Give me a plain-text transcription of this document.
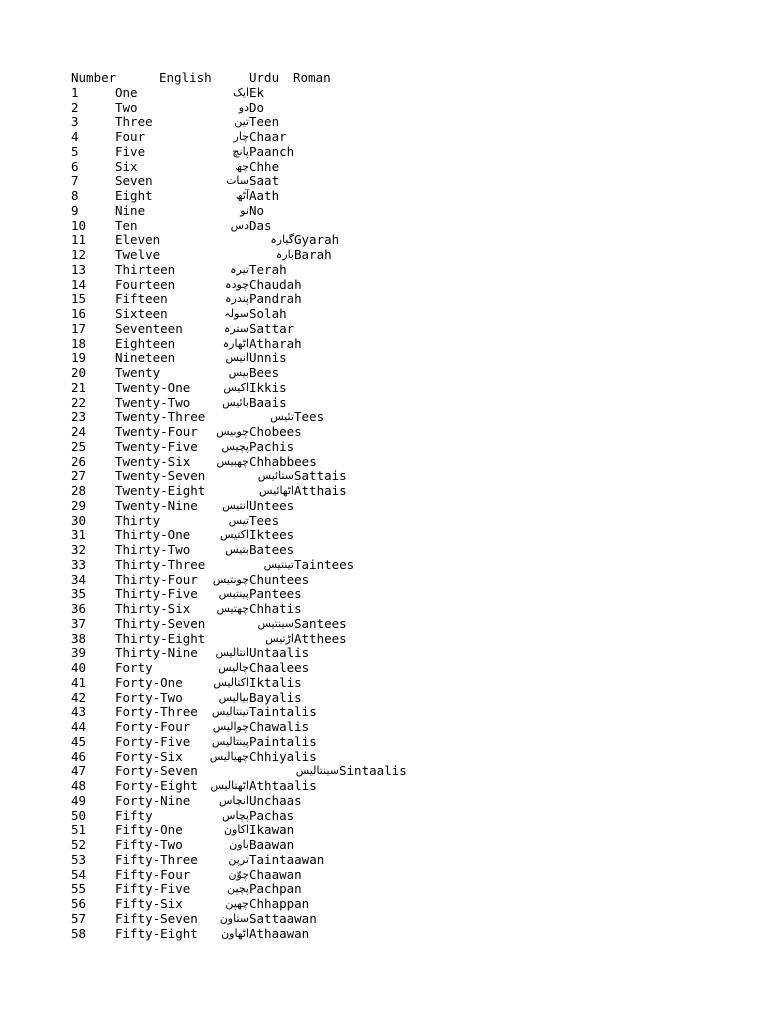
Number	English	Urdu Roman
1	One	ایک Ek
2	Two	دو Do
3	Three	تین Teen
4	Four	چار Chaar
5	Five	پانچ Paanch
6	Six	چھ Chhe
7	Seven	سات Saat
8	Eight	آٹھ Aath
9	Nine	نو No
10 Ten	دس Das
11 Eleven	گیارہ Gyarah
12 Twelve	بارہ Barah
13 Thirteen	تیرہ Terah
14 Fourteen	چودہ Chaudah
15 Fifteen	پندرہ Pandrah
16 Sixteen	سولہ Solah
17 Seventeen	سترہ Sattar
18 Eighteen	اٹھارہ Atharah
19 Nineteen	انیس Unnis
20 Twenty	بیس Bees
21 Twenty-One	اکیس Ikkis
22 Twenty-Two	بائیس Baais
23 Twenty-Three	تئیس Tees
24 Twenty-Four چوبیس Chobees
25 Twenty-Five پچیس Pachis
26 Twenty-Six چھبیس Chhabbees
27 Twenty-Seven	ستائیس Sattais
28 Twenty-Eight	اٹھائیس Atthais
29 Twenty-Nine انتیس Untees
30 Thirty	تیس Tees
31 Thirty-One	اکتیس Iktees
32 Thirty-Two	بتیس Batees
33 Thirty-Three	تینتیس Taintees
34 Thirty-Four چونتیس Chuntees
35 Thirty-Five پینتیس Pantees
36 Thirty-Six چھتیس Chhatis
37 Thirty-Seven	سینتیس Santees
38 Thirty-Eight	اڑتیس Atthees
39 Thirty-Nine انتالیس Untaalis
40 Forty	چالیس Chaalees
41 Forty-One	اکتالیس Iktalis
42 Forty-Two	بیالیس Bayalis
43 Forty-Three تینتالیس Taintalis
44 Forty-Four چوالیس Chawalis
45 Forty-Five پینتالیس Paintalis
46 Forty-Six چھیالیس Chhiyalis
47 Forty-Seven	سینتالیس Sintaalis
48 Forty-Eight اٹھتالیس Athtaalis
49 Forty-Nine	انچاس Unchaas
50 Fifty	پچاس Pachas
51 Fifty-One	اکاون Ikawan
52 Fifty-Two	باون Baawan
53 Fifty-Three	ترپن Taintaawan
54 Fifty-Four	چوّن Chaawan
55 Fifty-Five	پچپن Pachpan
56 Fifty-Six	چھپن Chhappan
57 Fifty-Seven ستاون Sattaawan
58 Fifty-Eight اٹھاون Athaawan
